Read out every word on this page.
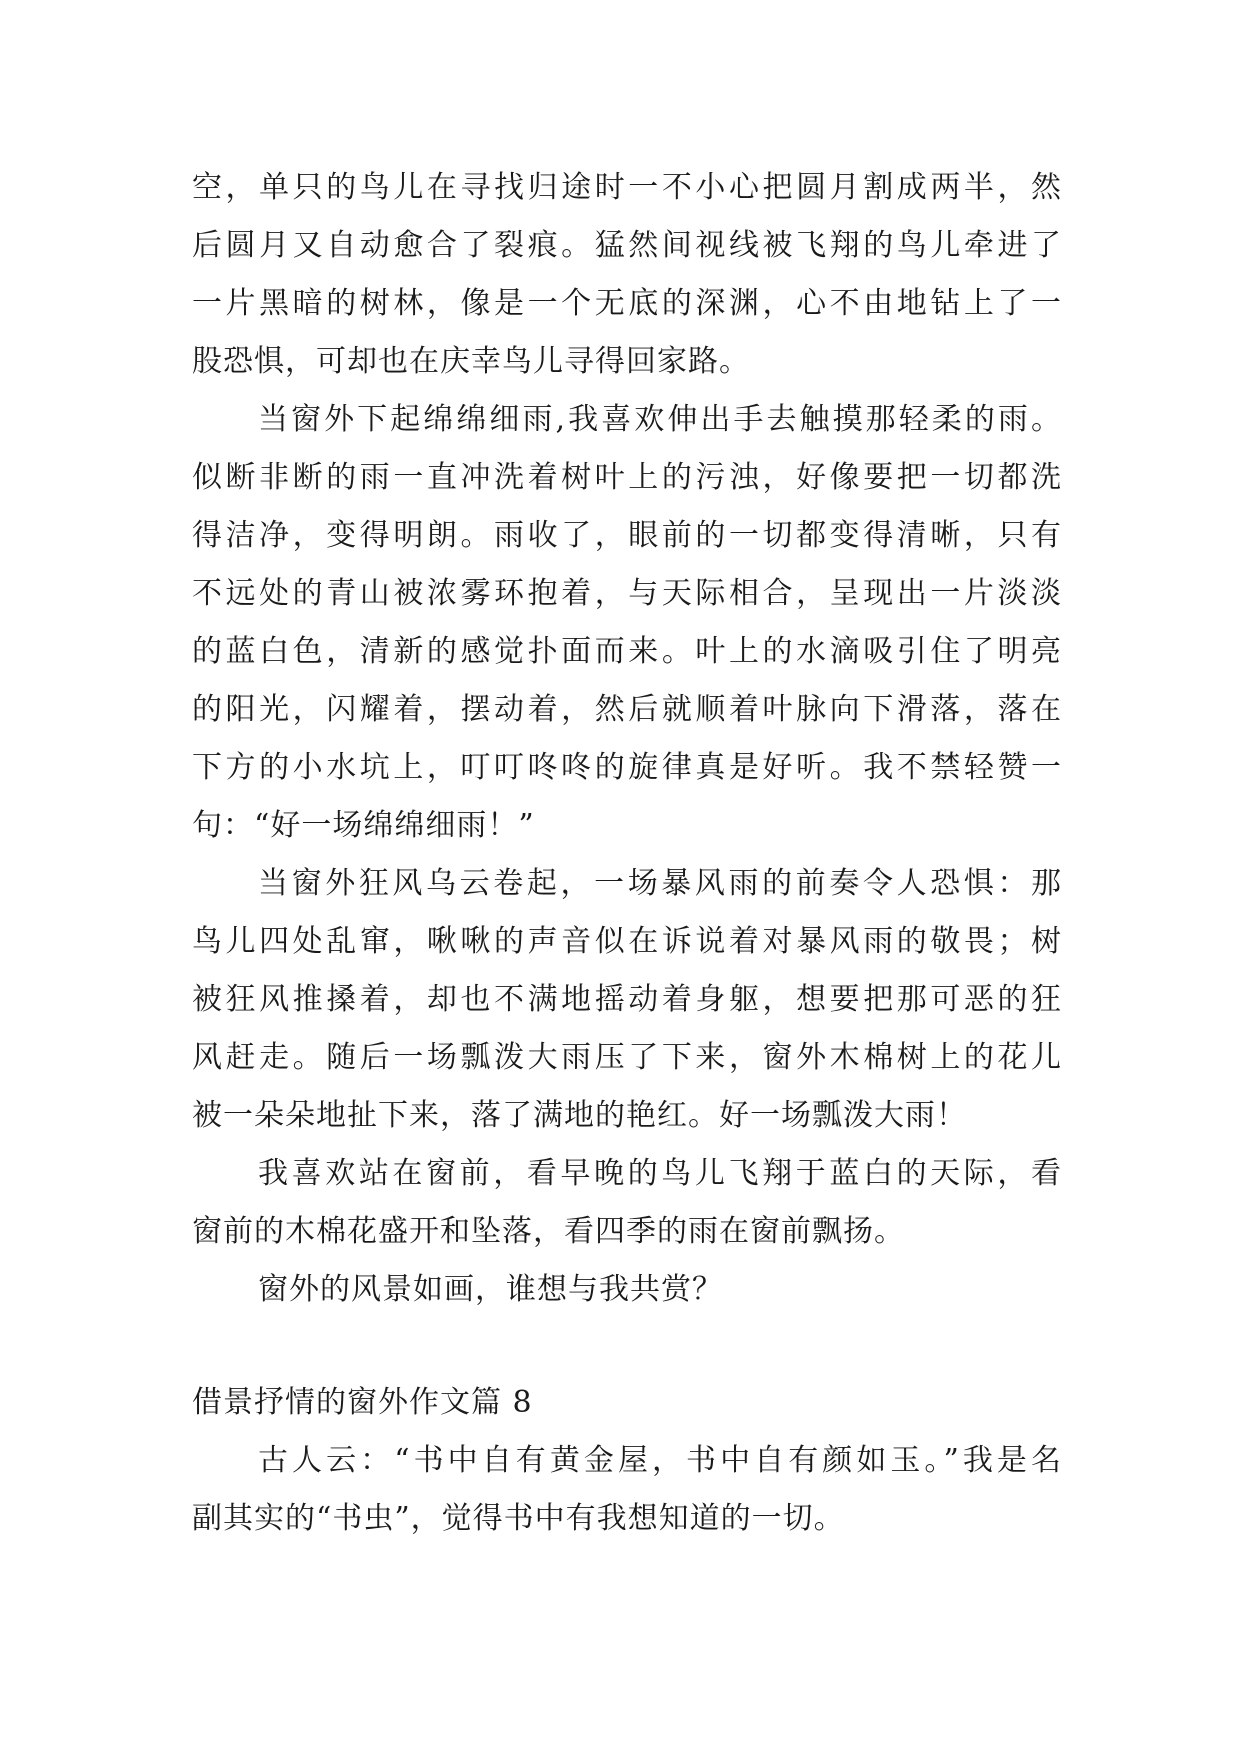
空，单只的鸟儿在寻找归途时一不小心把圆月割成两半，然
后圆月又自动愈合了裂痕。猛然间视线被飞翔的鸟儿牵进了
一片黑暗的树林，像是一个无底的深渊，心不由地钻上了一
股恐惧，可却也在庆幸鸟儿寻得回家路。
当窗外下起绵绵细雨,我喜欢伸出手去触摸那轻柔的雨。
似断非断的雨一直冲洗着树叶上的污浊，好像要把一切都洗
得洁净，变得明朗。雨收了，眼前的一切都变得清晰，只有
不远处的青山被浓雾环抱着，与天际相合，呈现出一片淡淡
的蓝白色，清新的感觉扑面而来。叶上的水滴吸引住了明亮
的阳光，闪耀着，摆动着，然后就顺着叶脉向下滑落，落在
下方的小水坑上，叮叮咚咚的旋律真是好听。我不禁轻赞一
句：“好一场绵绵细雨！”
当窗外狂风乌云卷起，一场暴风雨的前奏令人恐惧：那
鸟儿四处乱窜，啾啾的声音似在诉说着对暴风雨的敬畏；树
被狂风推搡着，却也不满地摇动着身躯，想要把那可恶的狂
风赶走。随后一场瓢泼大雨压了下来，窗外木棉树上的花儿
被一朵朵地扯下来，落了满地的艳红。好一场瓢泼大雨！
我喜欢站在窗前，看早晚的鸟儿飞翔于蓝白的天际，看
窗前的木棉花盛开和坠落，看四季的雨在窗前飘扬。
窗外的风景如画，谁想与我共赏？
借景抒情的窗外作文篇 8
古人云：“书中自有黄金屋，书中自有颜如玉。”我是名
副其实的“书虫”，觉得书中有我想知道的一切。
